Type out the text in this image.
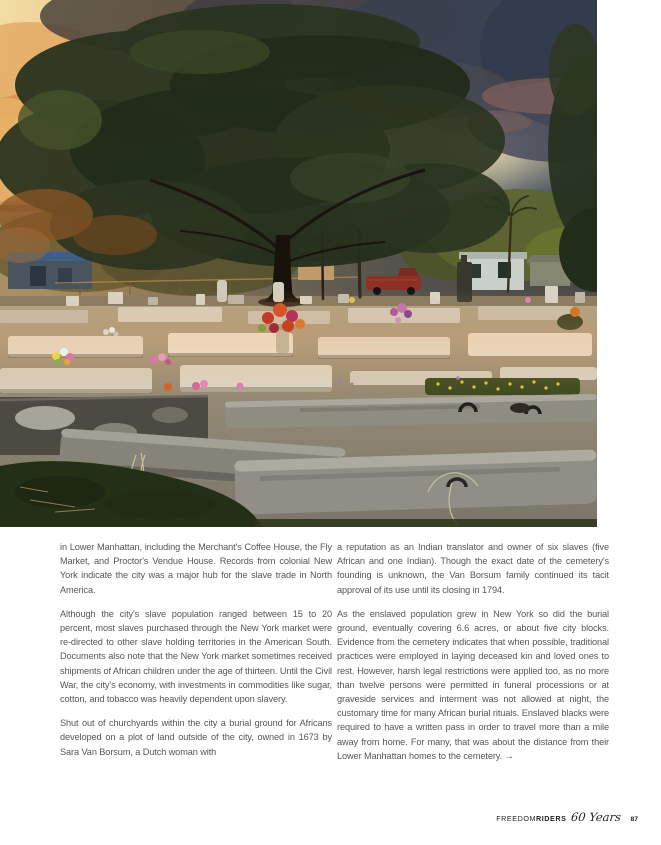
in Lower Manhattan, including the Merchant's Coffee House, the Fly Market, and Proctor's Vendue House. Records from colonial New York indicate the city was a major hub for the slave trade in North America.

Although the city's slave population ranged between 15 to 20 percent, most slaves purchased through the New York market were re-directed to other slave holding territories in the American South. Documents also note that the New York market sometimes received shipments of African children under the age of thirteen. Until the Civil War, the city's economy, with investments in commodities like sugar, cotton, and tobacco was heavily dependent upon slavery.

Shut out of churchyards within the city a burial ground for Africans developed on a plot of land outside of the city, owned in 1673 by Sara Van Borsum, a Dutch woman with

a reputation as an Indian translator and owner of six slaves (five African and one Indian). Though the exact date of the cemetery's founding is unknown, the Van Borsum family continued its tacit approval of its use until its closing in 1794.

As the enslaved population grew in New York so did the burial ground, eventually covering 6.6 acres, or about five city blocks. Evidence from the cemetery indicates that when possible, traditional practices were employed in laying deceased kin and loved ones to rest. However, harsh legal restrictions were applied too, as no more than twelve persons were permitted in funeral processions or at graveside services and interment was not allowed at night, the customary time for many African burial rituals. Enslaved blacks were required to have a written pass in order to travel more than a mile away from home. For many, that was about the distance from their Lower Manhattan homes to the cemetery. →

FREEDOMRIDERS 60 Years 87
